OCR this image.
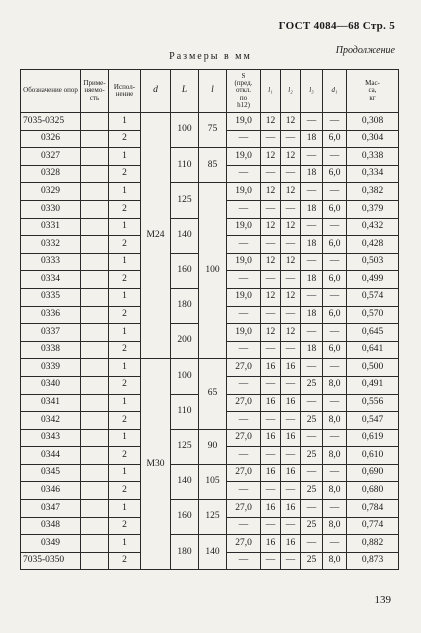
ГОСТ 4084—68 Стр. 5
Продолжение
Размеры в мм
Обозначение опор	Приме-
няемо-
сть	Испол-
нение	d	L	l	S
(пред.
откл.
по
h12)	l₁	l₂	l₃	d₁	Мас-
са,
кг
7035-0325		1	M24	100	75	19,0	12	12	—	—	0,308
0326		2				—	—	—	18	6,0	0,304
0327		1		110	85	19,0	12	12	—	—	0,338
0328		2				—	—	—	18	6,0	0,334
0329		1		125	100	19,0	12	12	—	—	0,382
0330		2				—	—	—	18	6,0	0,379
0331		1		140		19,0	12	12	—	—	0,432
0332		2				—	—	—	18	6,0	0,428
0333		1		160		19,0	12	12	—	—	0,503
0334		2				—	—	—	18	6,0	0,499
0335		1		180		19,0	12	12	—	—	0,574
0336		2				—	—	—	18	6,0	0,570
0337		1		200		19,0	12	12	—	—	0,645
0338		2				—	—	—	18	6,0	0,641
0339		1	M30	100	65	27,0	16	16	—	—	0,500
0340		2				—	—	—	25	8,0	0,491
0341		1		110		27,0	16	16	—	—	0,556
0342		2				—	—	—	25	8,0	0,547
0343		1		125	90	27,0	16	16	—	—	0,619
0344		2				—	—	—	25	8,0	0,610
0345		1		140	105	27,0	16	16	—	—	0,690
0346		2				—	—	—	25	8,0	0,680
0347		1		160	125	27,0	16	16	—	—	0,784
0348		2				—	—	—	25	8,0	0,774
0349		1		180	140	27,0	16	16	—	—	0,882
7035-0350		2				—	—	—	25	8,0	0,873
139
